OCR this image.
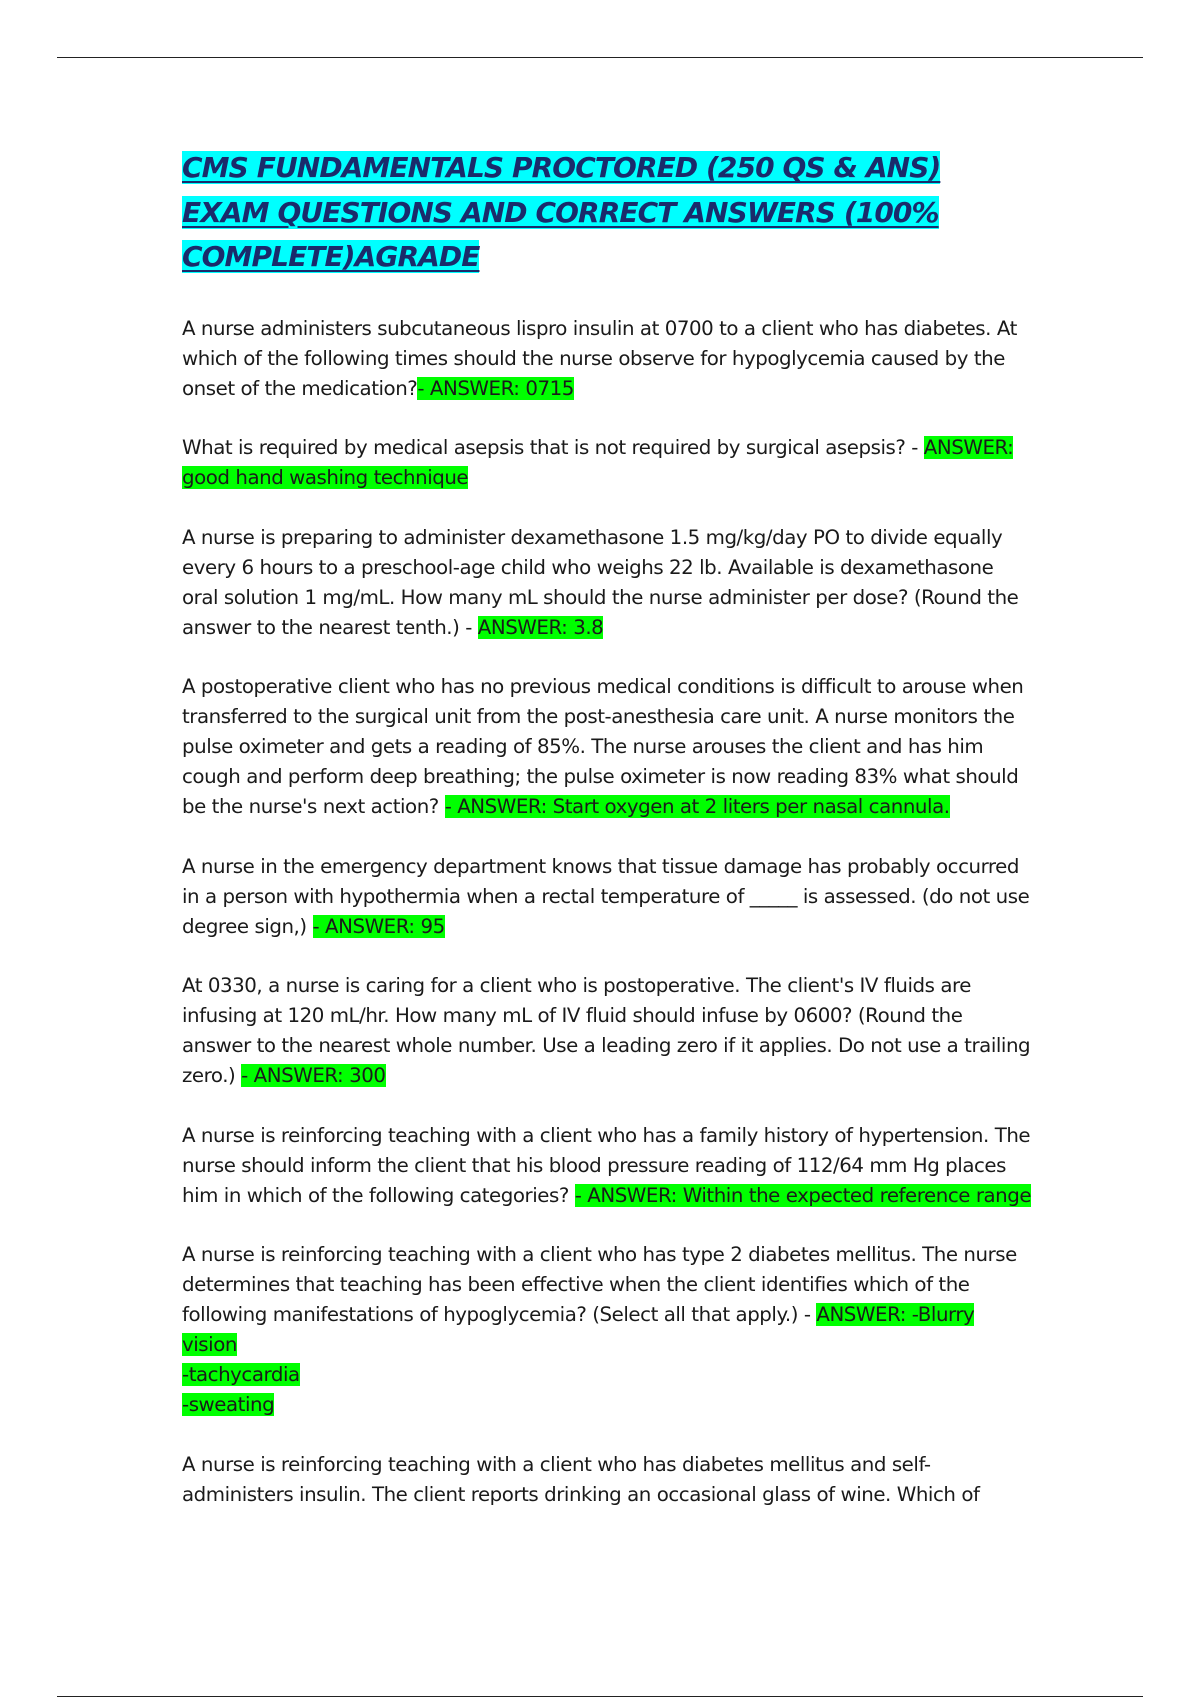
CMS FUNDAMENTALS PROCTORED (250 QS & ANS) EXAM QUESTIONS AND CORRECT ANSWERS (100% COMPLETE)AGRADE

A nurse administers subcutaneous lispro insulin at 0700 to a client who has diabetes. At which of the following times should the nurse observe for hypoglycemia caused by the onset of the medication?- ANSWER: 0715

What is required by medical asepsis that is not required by surgical asepsis? - ANSWER: good hand washing technique

A nurse is preparing to administer dexamethasone 1.5 mg/kg/day PO to divide equally every 6 hours to a preschool-age child who weighs 22 lb. Available is dexamethasone oral solution 1 mg/mL. How many mL should the nurse administer per dose? (Round the answer to the nearest tenth.) - ANSWER: 3.8

A postoperative client who has no previous medical conditions is difficult to arouse when transferred to the surgical unit from the post-anesthesia care unit. A nurse monitors the pulse oximeter and gets a reading of 85%. The nurse arouses the client and has him cough and perform deep breathing; the pulse oximeter is now reading 83% what should be the nurse's next action? - ANSWER: Start oxygen at 2 liters per nasal cannula.

A nurse in the emergency department knows that tissue damage has probably occurred in a person with hypothermia when a rectal temperature of _____ is assessed. (do not use degree sign,) - ANSWER: 95

At 0330, a nurse is caring for a client who is postoperative. The client's IV fluids are infusing at 120 mL/hr. How many mL of IV fluid should infuse by 0600? (Round the answer to the nearest whole number. Use a leading zero if it applies. Do not use a trailing zero.) - ANSWER: 300

A nurse is reinforcing teaching with a client who has a family history of hypertension. The nurse should inform the client that his blood pressure reading of 112/64 mm Hg places him in which of the following categories? - ANSWER: Within the expected reference range

A nurse is reinforcing teaching with a client who has type 2 diabetes mellitus. The nurse determines that teaching has been effective when the client identifies which of the following manifestations of hypoglycemia? (Select all that apply.) - ANSWER: -Blurry vision
-tachycardia
-sweating

A nurse is reinforcing teaching with a client who has diabetes mellitus and self-administers insulin. The client reports drinking an occasional glass of wine. Which of
